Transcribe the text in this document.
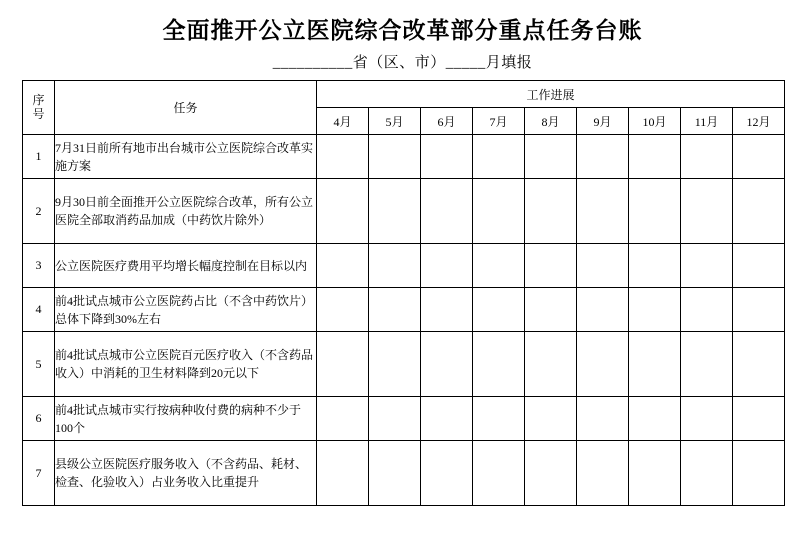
全面推开公立医院综合改革部分重点任务台账
__________省（区、市）_____月填报
序
号	任务	工作进展								
		4月	5月	6月	7月	8月	9月	10月	11月	12月
1	7月31日前所有地市出台城市公立医院综合改革实施方案									
2	9月30日前全面推开公立医院综合改革，所有公立医院全部取消药品加成（中药饮片除外）									
3	公立医院医疗费用平均增长幅度控制在目标以内									
4	前4批试点城市公立医院药占比（不含中药饮片）总体下降到30%左右									
5	前4批试点城市公立医院百元医疗收入（不含药品收入）中消耗的卫生材料降到20元以下									
6	前4批试点城市实行按病种收付费的病种不少于100个									
7	县级公立医院医疗服务收入（不含药品、耗材、检查、化验收入）占业务收入比重提升									
